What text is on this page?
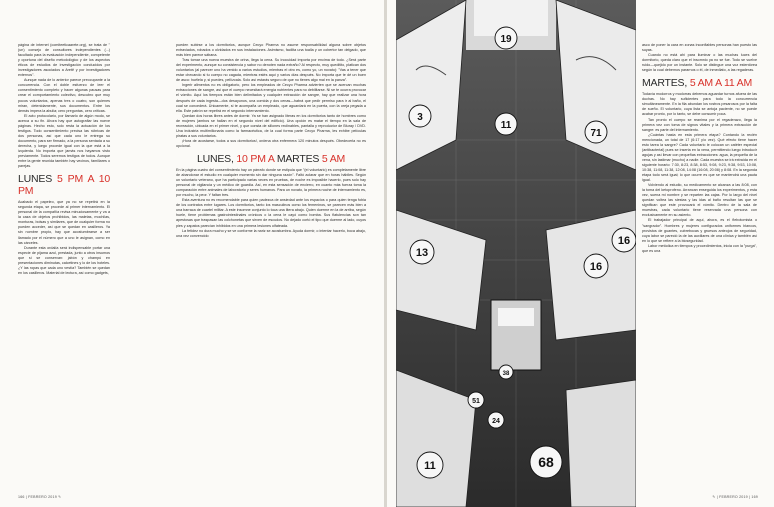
página de internet (comiteeticaarete.org), se trata de "(un) consejo de consultores independientes (...) facultado para la evaluación independiente, competente y oportuna del diseño metodológico y de los aspectos éticos de estudios de investigación conducidos por investigadores asociados a Aretē y por investigadores externos".

Aunque nada de lo anterior parece preocupante a la concurrencia. Con el doble esfuerzo de leer el consentimiento completo y hacer algunas pausas para crear el comportamiento colectivo, descubro que muy pocos voluntarios, apenas tres o cuatro, son quienes miran, detenidamente, sus documentos. Entre los demás impera la abulia; cero preguntas, cero críticas.

El acto protocolario, por llamarlo de algún modo, se acerca a su fin. Ahora hay que autografiar las nueve páginas. Hecho esto, solo resta la actuación de los testigos. Todo consentimiento precisa las rúbricas de dos personas, así que cada uno le entrega su documento, para ser firmado, a la persona sentada a su derecha, y luego procede igual con la que está a la izquierda. No importa que jamás nos hayamos visto previamente. Todos seremos testigos de todos. Aunque entre la gente reunida también hay vecinos, familiares o parejas.

LUNES 5 PM A 10 PM

Acabado el papeleo, que ya no se repetirá en la segunda etapa, se procede al primer internamiento. El personal de la compañía revisa minuciosamente y va a la caza de objetos prohibidos, las maletas, mochilas, monturas, bolsas y similares, que de cualquier forma no pueden acceder, así que se quedan en casilleros. Ya sin nombre propio, hay que acostumbrarse a ser llamado por el número que a uno le asignan, como en las cárceles.

Durante esta ordalía será indispensable portar una especie de pijama azul, prestada, junto a otros insumos que sí se conservan: jabón y champú en presentaciones diminutas, calcetines y lo de los hoteles. ¿Y las ropas que cada uno vestía? También se quedan en los casilleros. Material de lectura, así como gadgets,

pueden subirse a los dormitorios, aunque Cecyo Pharma no asume responsabilidad alguna sobre objetos extraviados, robados o olvidados en sus instalaciones. Asimismo, facilita una toalla y un cobertor tan delgado, que más bien parece sábana.

Tras tomar una nueva muestra de orina, llega la cena. Su inocuidad importa por encima de todo. ¿Será parte del experimento, aunque su consistencia y sabor no denoten nada extraño? Al respecto, muy queditito, platican dos voluntarios (al parecer uno ha venido a varios estudios, mientras el otro es, como yo, un novato): "Vas a tener que estar checando si tu cuerpo no cagada, mientras estés aquí y varios días después. No importa que te dé un buen de asco: huélela y, si puedes, pellízcala. Solo así estarás seguro de que no tienes algo mal en la panza".

Ingerir alimentos no es obligatorio, pero los empleados de Cecyo Pharma advierten que se acercan muchas extracciones de sangre, así que el cuerpo necesitará energía nutrientes para no debilitarse. Ni se te ocurra provocar el vómito. Aquí los tiempos están bien delimitados y cualquier extracción de sangre, hay que realizar una hora después de cada ingesta—dos desayunos, una comida y dos cenas—habrá que pedir permiso para ir al baño, el cual se concederá. Únicamente, si te acompaña un empleado, que aguardará en la puerta, con la oreja pegada a ella. Este patrón se repetirá en el segundo internamiento.

Quedan dos horas libres antes de dormir. Ya se han asignado literas en los dormitorios tanto de hombres como de mujeres (ambos se hallan en el segundo nivel del edificio). Una opción es matar el tiempo en la sala de recreación, ubicada en el primer nivel, y que consta de sillones reclinables, pantalla y reproductor de Bluray / DVD. Una industria multimillonaria como la farmacéutica, de la cual forma parte Cecyo Pharma, les exhibe películas piratas a sus voluntarios.

¡Hora de acostarse, todos a sus dormitorios!, ordena otra enfermera 120 minutos después. Obedecerla no es opcional.

LUNES, 10 PM A MARTES 5 AM

En la página cuatro del consentimiento hay un párrafo donde se estipula que "(el voluntario) es completamente libre de abandonar el estudio en cualquier momento sin dar ninguna razón". Faltó aclarar que en horas hábiles. Según un voluntario veterano, que ha participado varias veces en pruebas, de noche es imposible hacerlo, pues solo hay personal de vigilancia y un médico de guardia. Así, en esta sensación de encierro, en cuanto más fuerza toma la comparación entre animales de laboratorio y seres humanos. Para un novato, la primera noche de internamiento es, por mucho, la peor. Y faltan tres.

Esta aventura no es recomendable para quien padezca de ansiedad ante los espacios o para quien tenga fobia de los contratos entre lugares. Los dormitorios, tanto los masculinos como los femeninos, se parecen más bien a una barraca de cuartel militar. A este insomne conjunto lo toca una litera abajo. Quien duerme en la de arriba, según huele, tiene problemas gastrointestinales crónicos o la cena le cayó como bomba. Sus flatulencias son tan apestosas que traspasan las colchonetas que sirven de escudos. No dejado cortó el tipo que duerme al lado, cuyos pies y zapatos parecían inhibidos en una primera lesiones olfateada.

La fetidez no dura mucho y se ve conforme la nariz se acostumbra. Ayuda dormir, o intentar hacerlo, boca abajo, una vez convencido

166 | FEBRERO 2019 ✎
19
3
11
71
16
13
16
38
51
24
11	68

asco de poner la cara en zonas inconfiables personas han puesto las suyas.

Cuando no está ahí para iluminar o las muchas luces del dormitorio, queda claro que el insomnio ya no se fue. Todo se vuelve ruido—quejido por un instante. Solo se distingue una voz estentórea según la cual debemos pararnos o él, de inmediato, a las regaderas.

MARTES, 5 AM A 11 AM

Todavía modorros y modorras debemos aguardar turnos afuera de las duchas. No hay suficientes para todo la concurrencia simultáneamente. En la fila abundan los rostros pesarosos por la falta de sueño. El voluntario, cuya lista se antoja paciente, no se puede acabar pronto, por lo tanto, se debe consumir poca.

Tan pronto el cuerpo se reanima por el regaderazo, llega la primera vez con toma de signos vitales y la primera extracción de sangre: es parte del internamiento.

¿Cuántas hasta en esta primera etapa? Contando la recién mencionada, un total de 17 (6:17 y/o vez). Qué efecto tiene hacer esto tarea la sangre? Cada voluntario le colocan un catéter especial (antibacterial) pues se inserta en la vena, permitiendo luego introducir agujas y así llevar con pequeñas extracciones: agua, la pequeña de la vena, sin lastimar (mucho) a nadie. Cada muestra se irá extraída en el siguiente horario: 7:30, 8:23, 8:38, 8:53, 9:08, 9:23, 9:38, 9:53, 10:08, 10:38, 11:08, 11:38, 12:08, 14:08 (16:08, 20:08) y 8:08. En la segunda etapa todo será igual; lo que ocurre es que se mantendrá una pauta igual.

Volviendo al estudio, su medicamento se alcanza a las 8:08, con la toma del ketoprofeno. Arrancan enseguida los experimentos, y esta vez, suena mi nombre y se reparten las cajas. Por lo largo del nivel quedan voltea las siestas y las idas al baño resultan las que se significan que este provocará el vómito. Dentro de la sala de muestras, cada voluntario tiene reservada una persona con exclusivamente en su asiento.

El trabajador principal de aquí, ahora, es el flebotomista o "sangrador". Hombres y mujeres configurados uniformes blancos, provistos de guantes, cubrebocas y gruesos anteojos de seguridad, cuya labor se pareció la de las auxiliares de una clínica y también así en lo que se refiere a la bioseguridad.

Labor metódica en tiempos y procedimientos, inicia con la "purga", que es una

✎ | FEBRERO 2019 | 169
